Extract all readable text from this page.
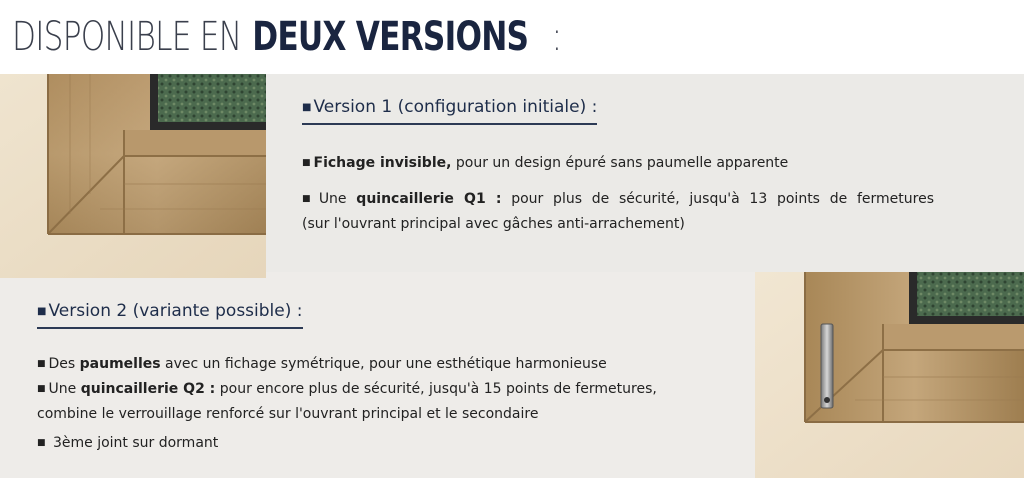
DISPONIBLE EN DEUX VERSIONS :
■ Version 1 (configuration initiale) :
■ Fichage invisible, pour un design épuré sans paumelle apparente
■ Une quincaillerie Q1 : pour plus de sécurité, jusqu'à 13 points de fermetures
(sur l'ouvrant principal avec gâches anti-arrachement)
■ Version 2 (variante possible) :
■ Des paumelles avec un fichage symétrique, pour une esthétique harmonieuse
■ Une quincaillerie Q2 : pour encore plus de sécurité, jusqu'à 15 points de fermetures,
combine le verrouillage renforcé sur l'ouvrant principal et le secondaire
■ 3ème joint sur dormant
